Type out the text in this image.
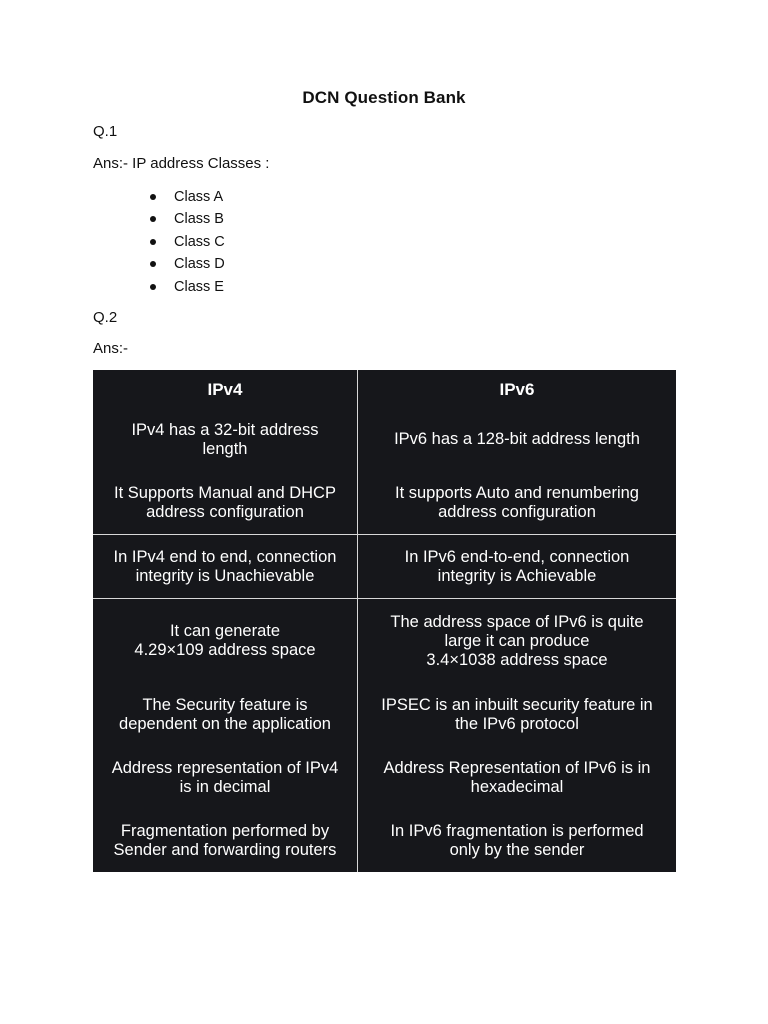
DCN Question Bank
Q.1
Ans:- IP address Classes :
Class A
Class B
Class C
Class D
Class E
Q.2
Ans:-
IPv4	IPv6
IPv4 has a 32-bit address
length
IPv6 has a 128-bit address length
It Supports Manual and DHCP
address configuration
It supports Auto and renumbering
address configuration
In IPv4 end to end, connection
integrity is Unachievable
In IPv6 end-to-end, connection
integrity is Achievable
It can generate
4.29×109 address space
The address space of IPv6 is quite
large it can produce
3.4×1038 address space
The Security feature is
dependent on the application
IPSEC is an inbuilt security feature in
the IPv6 protocol
Address representation of IPv4
is in decimal
Address Representation of IPv6 is in
hexadecimal
Fragmentation performed by
Sender and forwarding routers
In IPv6 fragmentation is performed
only by the sender
